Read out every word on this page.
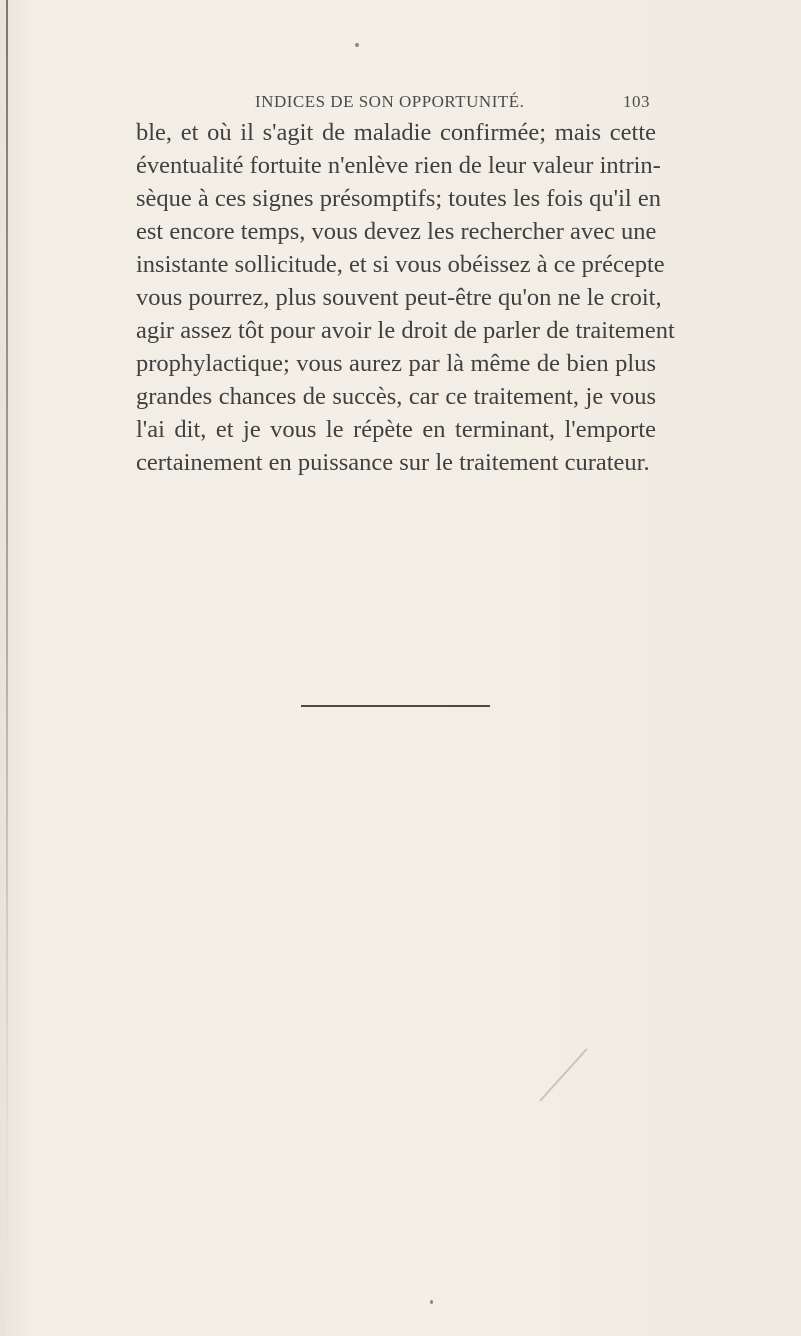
INDICES DE SON OPPORTUNITÉ.	103
ble, et où il s'agit de maladie confirmée; mais cette
éventualité fortuite n'enlève rien de leur valeur intrin-
sèque à ces signes présomptifs; toutes les fois qu'il en
est encore temps, vous devez les rechercher avec une
insistante sollicitude, et si vous obéissez à ce précepte
vous pourrez, plus souvent peut-être qu'on ne le croit,
agir assez tôt pour avoir le droit de parler de traitement
prophylactique; vous aurez par là même de bien plus
grandes chances de succès, car ce traitement, je vous
l'ai dit, et je vous le répète en terminant, l'emporte
certainement en puissance sur le traitement curateur.
